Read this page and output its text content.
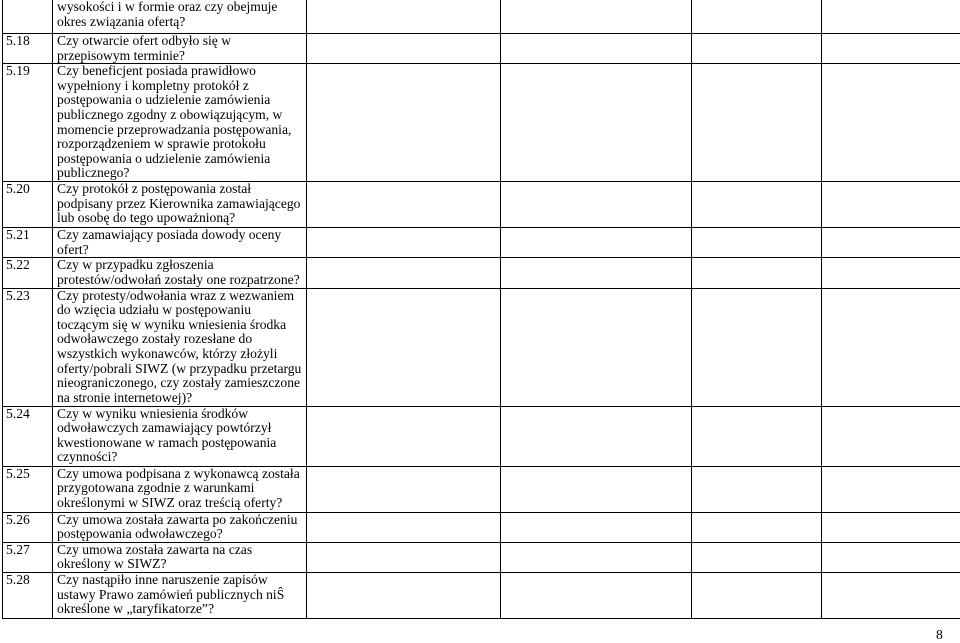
	wysokości i w formie oraz czy obejmuje okres związania ofertą?				
5.18	Czy otwarcie ofert odbyło się w przepisowym terminie?				
5.19	Czy beneficjent posiada prawidłowo wypełniony i kompletny protokół z postępowania o udzielenie zamówienia publicznego zgodny z obowiązującym, w momencie przeprowadzania postępowania, rozporządzeniem w sprawie protokołu postępowania o udzielenie zamówienia publicznego?				
5.20	Czy protokół z postępowania został podpisany przez Kierownika zamawiającego lub osobę do tego upoważnioną?				
5.21	Czy zamawiający posiada dowody oceny ofert?				
5.22	Czy w przypadku zgłoszenia protestów/odwołań zostały one rozpatrzone?				
5.23	Czy protesty/odwołania wraz z wezwaniem do wzięcia udziału w postępowaniu toczącym się w wyniku wniesienia środka odwoławczego zostały rozesłane do wszystkich wykonawców, którzy złożyli oferty/pobrali SIWZ (w przypadku przetargu nieograniczonego, czy zostały zamieszczone na stronie internetowej)?				
5.24	Czy w wyniku wniesienia środków odwoławczych zamawiający powtórzył kwestionowane w ramach postępowania czynności?				
5.25	Czy umowa podpisana z wykonawcą została przygotowana zgodnie z warunkami określonymi w SIWZ oraz treścią oferty?				
5.26	Czy umowa została zawarta po zakończeniu postępowania odwoławczego?				
5.27	Czy umowa została zawarta na czas określony w SIWZ?				
5.28	Czy nastąpiło inne naruszenie zapisów ustawy Prawo zamówień publicznych niŜ określone w „taryfikatorze”?				
8
